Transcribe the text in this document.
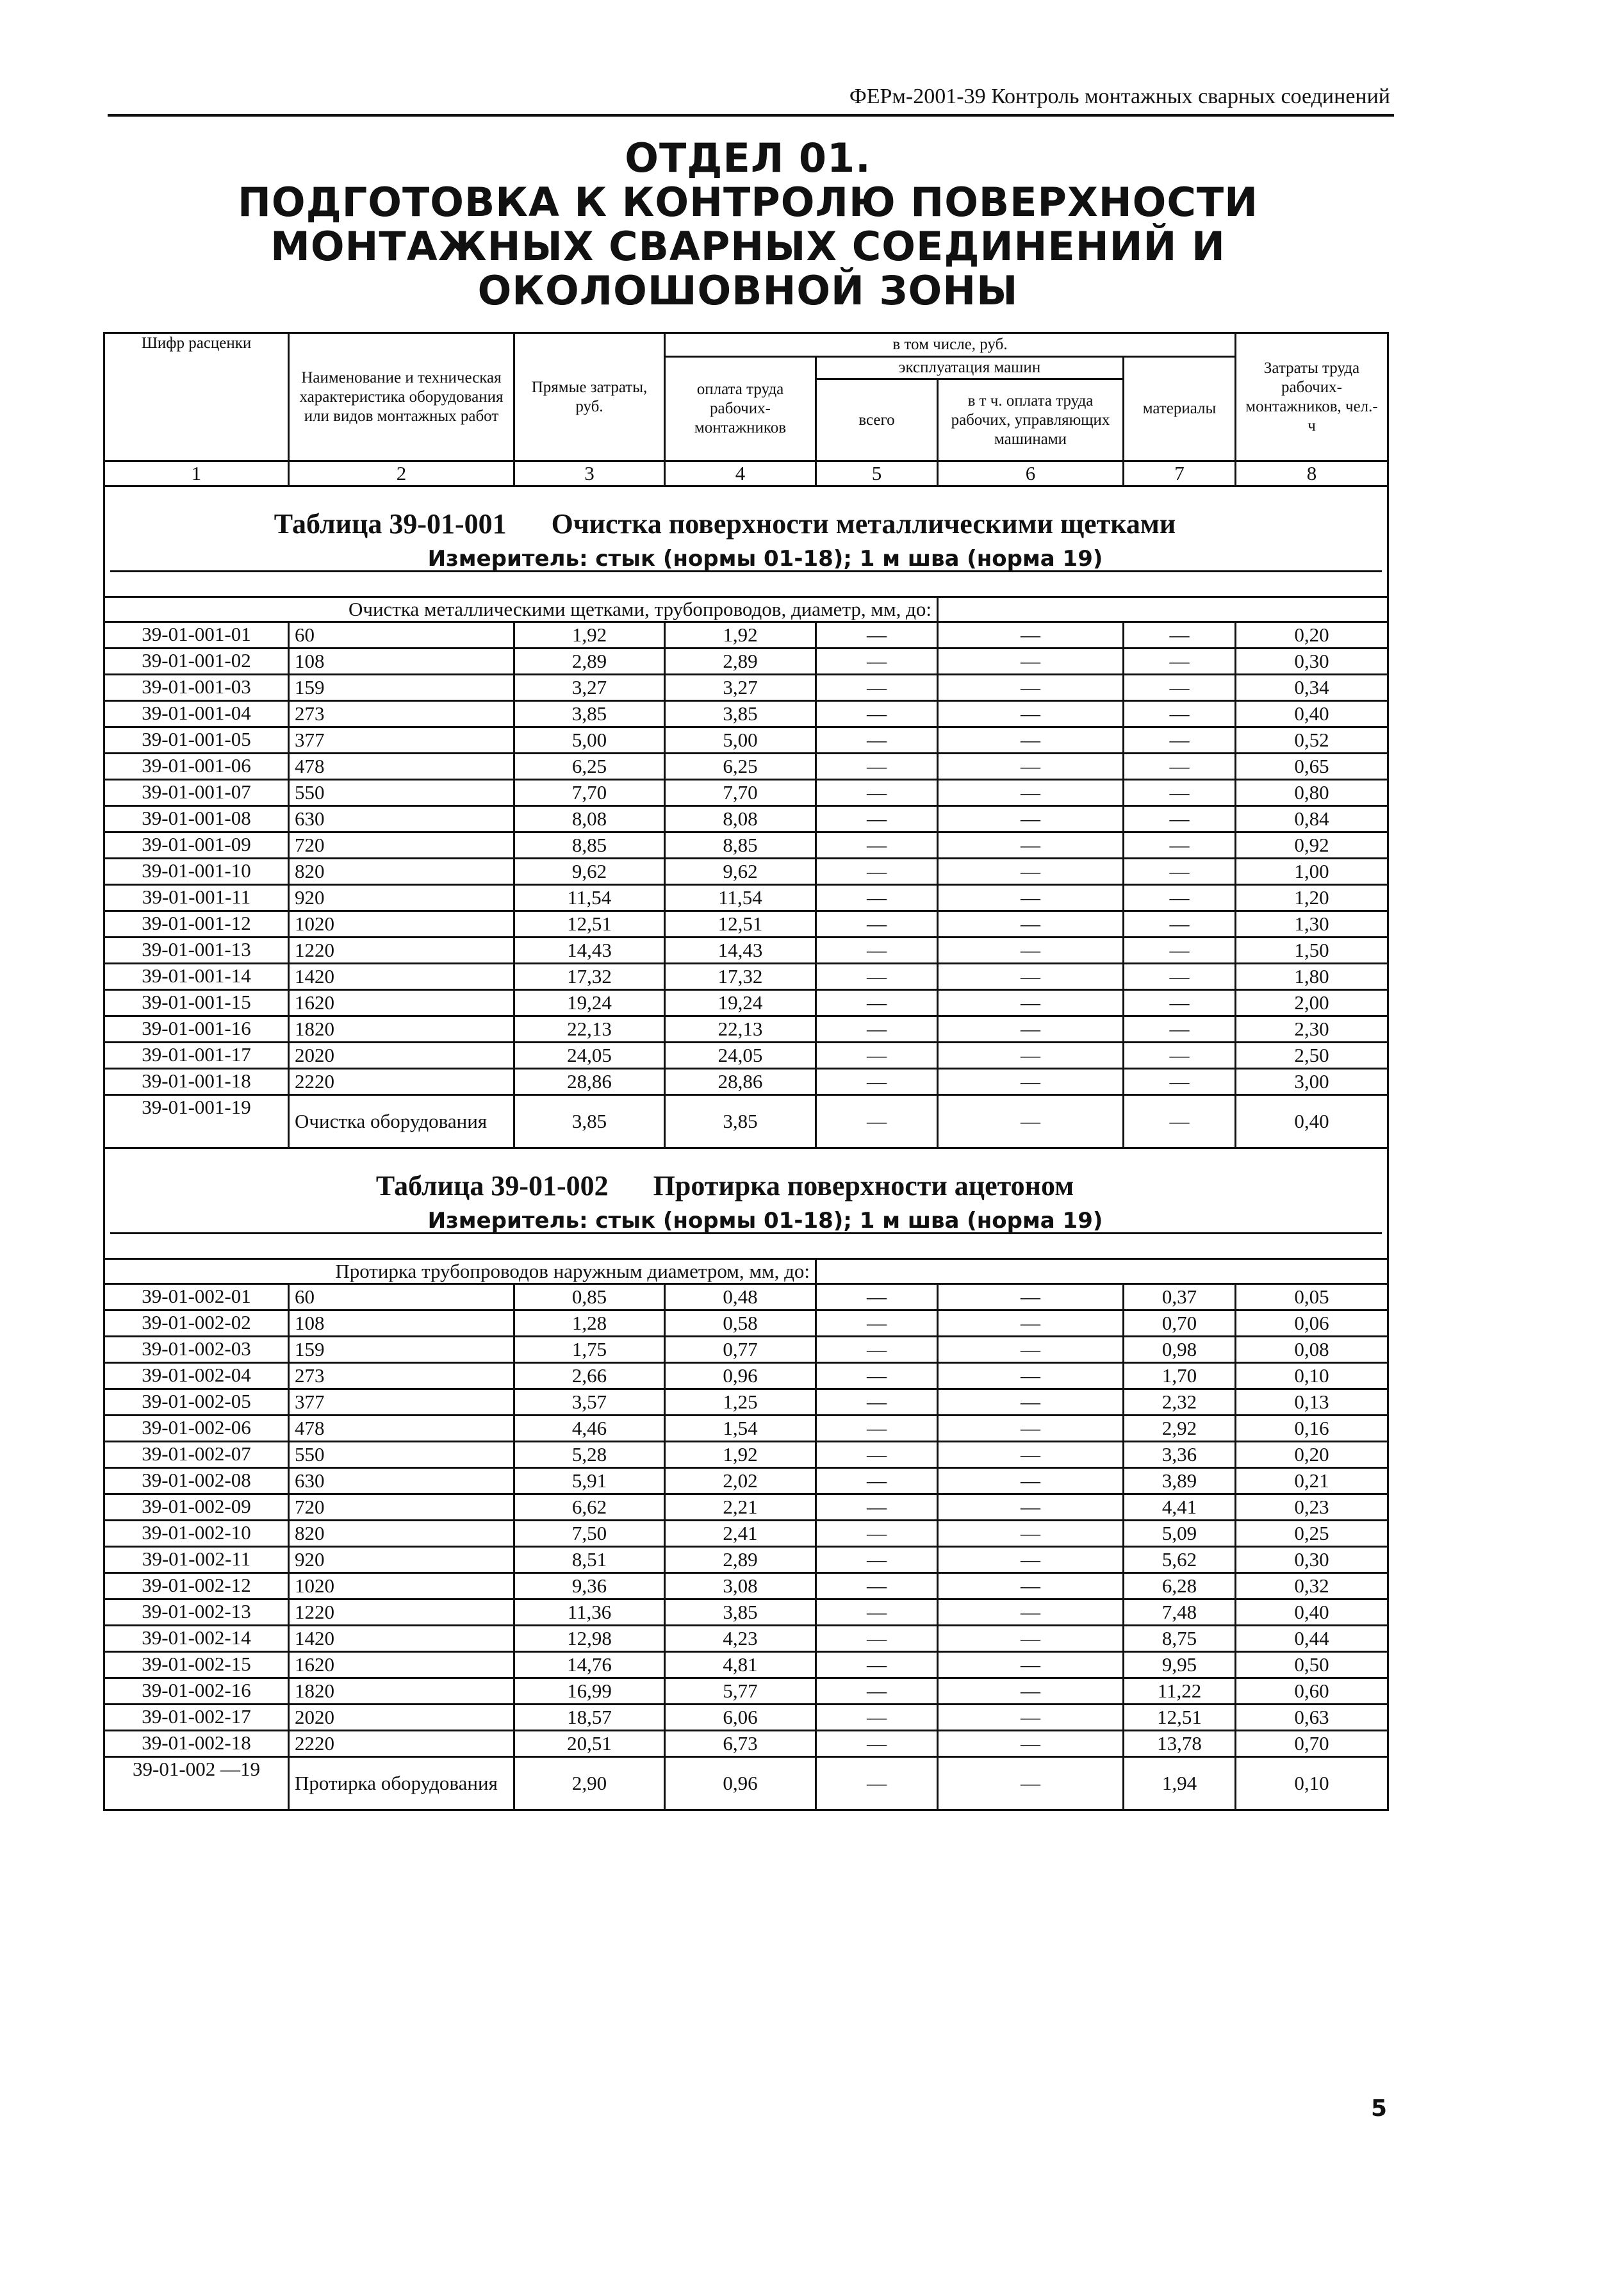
ФЕРм-2001-39 Контроль монтажных сварных соединений
ОТДЕЛ 01.
ПОДГОТОВКА К КОНТРОЛЮ ПОВЕРХНОСТИ
МОНТАЖНЫХ СВАРНЫХ СОЕДИНЕНИЙ И
ОКОЛОШОВНОЙ ЗОНЫ
Шифр расценки	Наименование и техническая характеристика оборудования или видов монтажных работ	Прямые затраты, руб.	в том числе, руб.				Затраты труда рабочих-монтажников, чел.-ч
			оплата труда рабочих-монтажников	эксплуатация машин		материалы	
				всего	в т ч. оплата труда рабочих, управляющих машинами		
1	2	3	4	5	6	7	8

Таблица 39-01-001 Очистка поверхности металлическими щетками
Измеритель: стык (нормы 01-18); 1 м шва (норма 19)							

Очистка металлическими щетками, трубопроводов, диаметр, мм, до:							
39-01-001-01	60	1,92	1,92	—	—	—	0,20
39-01-001-02	108	2,89	2,89	—	—	—	0,30
39-01-001-03	159	3,27	3,27	—	—	—	0,34
39-01-001-04	273	3,85	3,85	—	—	—	0,40
39-01-001-05	377	5,00	5,00	—	—	—	0,52
39-01-001-06	478	6,25	6,25	—	—	—	0,65
39-01-001-07	550	7,70	7,70	—	—	—	0,80
39-01-001-08	630	8,08	8,08	—	—	—	0,84
39-01-001-09	720	8,85	8,85	—	—	—	0,92
39-01-001-10	820	9,62	9,62	—	—	—	1,00
39-01-001-11	920	11,54	11,54	—	—	—	1,20
39-01-001-12	1020	12,51	12,51	—	—	—	1,30
39-01-001-13	1220	14,43	14,43	—	—	—	1,50
39-01-001-14	1420	17,32	17,32	—	—	—	1,80
39-01-001-15	1620	19,24	19,24	—	—	—	2,00
39-01-001-16	1820	22,13	22,13	—	—	—	2,30
39-01-001-17	2020	24,05	24,05	—	—	—	2,50
39-01-001-18	2220	28,86	28,86	—	—	—	3,00
39-01-001-19	Очистка оборудования	3,85	3,85	—	—	—	0,40

Таблица 39-01-002 Протирка поверхности ацетоном
Измеритель: стык (нормы 01-18); 1 м шва (норма 19)							

Протирка трубопроводов наружным диаметром, мм, до:							
39-01-002-01	60	0,85	0,48	—	—	0,37	0,05
39-01-002-02	108	1,28	0,58	—	—	0,70	0,06
39-01-002-03	159	1,75	0,77	—	—	0,98	0,08
39-01-002-04	273	2,66	0,96	—	—	1,70	0,10
39-01-002-05	377	3,57	1,25	—	—	2,32	0,13
39-01-002-06	478	4,46	1,54	—	—	2,92	0,16
39-01-002-07	550	5,28	1,92	—	—	3,36	0,20
39-01-002-08	630	5,91	2,02	—	—	3,89	0,21
39-01-002-09	720	6,62	2,21	—	—	4,41	0,23
39-01-002-10	820	7,50	2,41	—	—	5,09	0,25
39-01-002-11	920	8,51	2,89	—	—	5,62	0,30
39-01-002-12	1020	9,36	3,08	—	—	6,28	0,32
39-01-002-13	1220	11,36	3,85	—	—	7,48	0,40
39-01-002-14	1420	12,98	4,23	—	—	8,75	0,44
39-01-002-15	1620	14,76	4,81	—	—	9,95	0,50
39-01-002-16	1820	16,99	5,77	—	—	11,22	0,60
39-01-002-17	2020	18,57	6,06	—	—	12,51	0,63
39-01-002-18	2220	20,51	6,73	—	—	13,78	0,70
39-01-002 —19	Протирка оборудования	2,90	0,96	—	—	1,94	0,10
5
